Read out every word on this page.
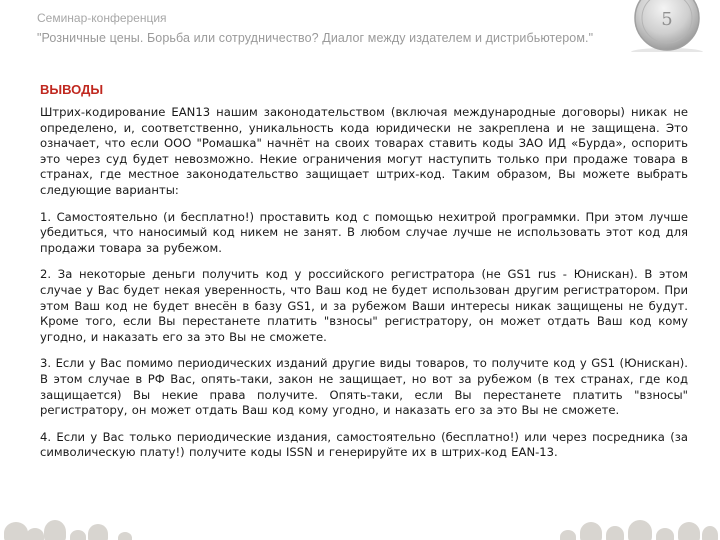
Семинар-конференция
"Розничные цены. Борьба или сотрудничество? Диалог между издателем и дистрибьютером."
5
ВЫВОДЫ

Штрих-кодирование EAN13 нашим законодательством (включая международные договоры) никак не определено, и, соответственно, уникальность кода юридически не закреплена и не защищена. Это означает, что если ООО "Ромашка" начнёт на своих товарах ставить коды ЗАО ИД «Бурда», оспорить это через суд будет невозможно. Некие ограничения могут наступить только при продаже товара в странах, где местное законодательство защищает штрих-код. Таким образом, Вы можете выбрать следующие варианты:

1. Самостоятельно (и бесплатно!) проставить код с помощью нехитрой программки. При этом лучше убедиться, что наносимый код никем не занят. В любом случае лучше не использовать этот код для продажи товара за рубежом.

2. За некоторые деньги получить код у российского регистратора (не GS1 rus - Юнискан). В этом случае у Вас будет некая уверенность, что Ваш код не будет использован другим регистратором. При этом Ваш код не будет внесён в базу GS1, и за рубежом Ваши интересы никак защищены не будут. Кроме того, если Вы перестанете платить "взносы" регистратору, он может отдать Ваш код кому угодно, и наказать его за это Вы не сможете.

3. Если у Вас помимо периодических изданий другие виды товаров, то получите код у GS1 (Юнискан). В этом случае в РФ Вас, опять-таки, закон не защищает, но вот за рубежом (в тех странах, где код защищается) Вы некие права получите. Опять-таки, если Вы перестанете платить "взносы" регистратору, он может отдать Ваш код кому угодно, и наказать его за это Вы не сможете.

4. Если у Вас только периодические издания, самостоятельно (бесплатно!) или через посредника (за символическую плату!) получите коды ISSN и генерируйте их в штрих-код EAN-13.
